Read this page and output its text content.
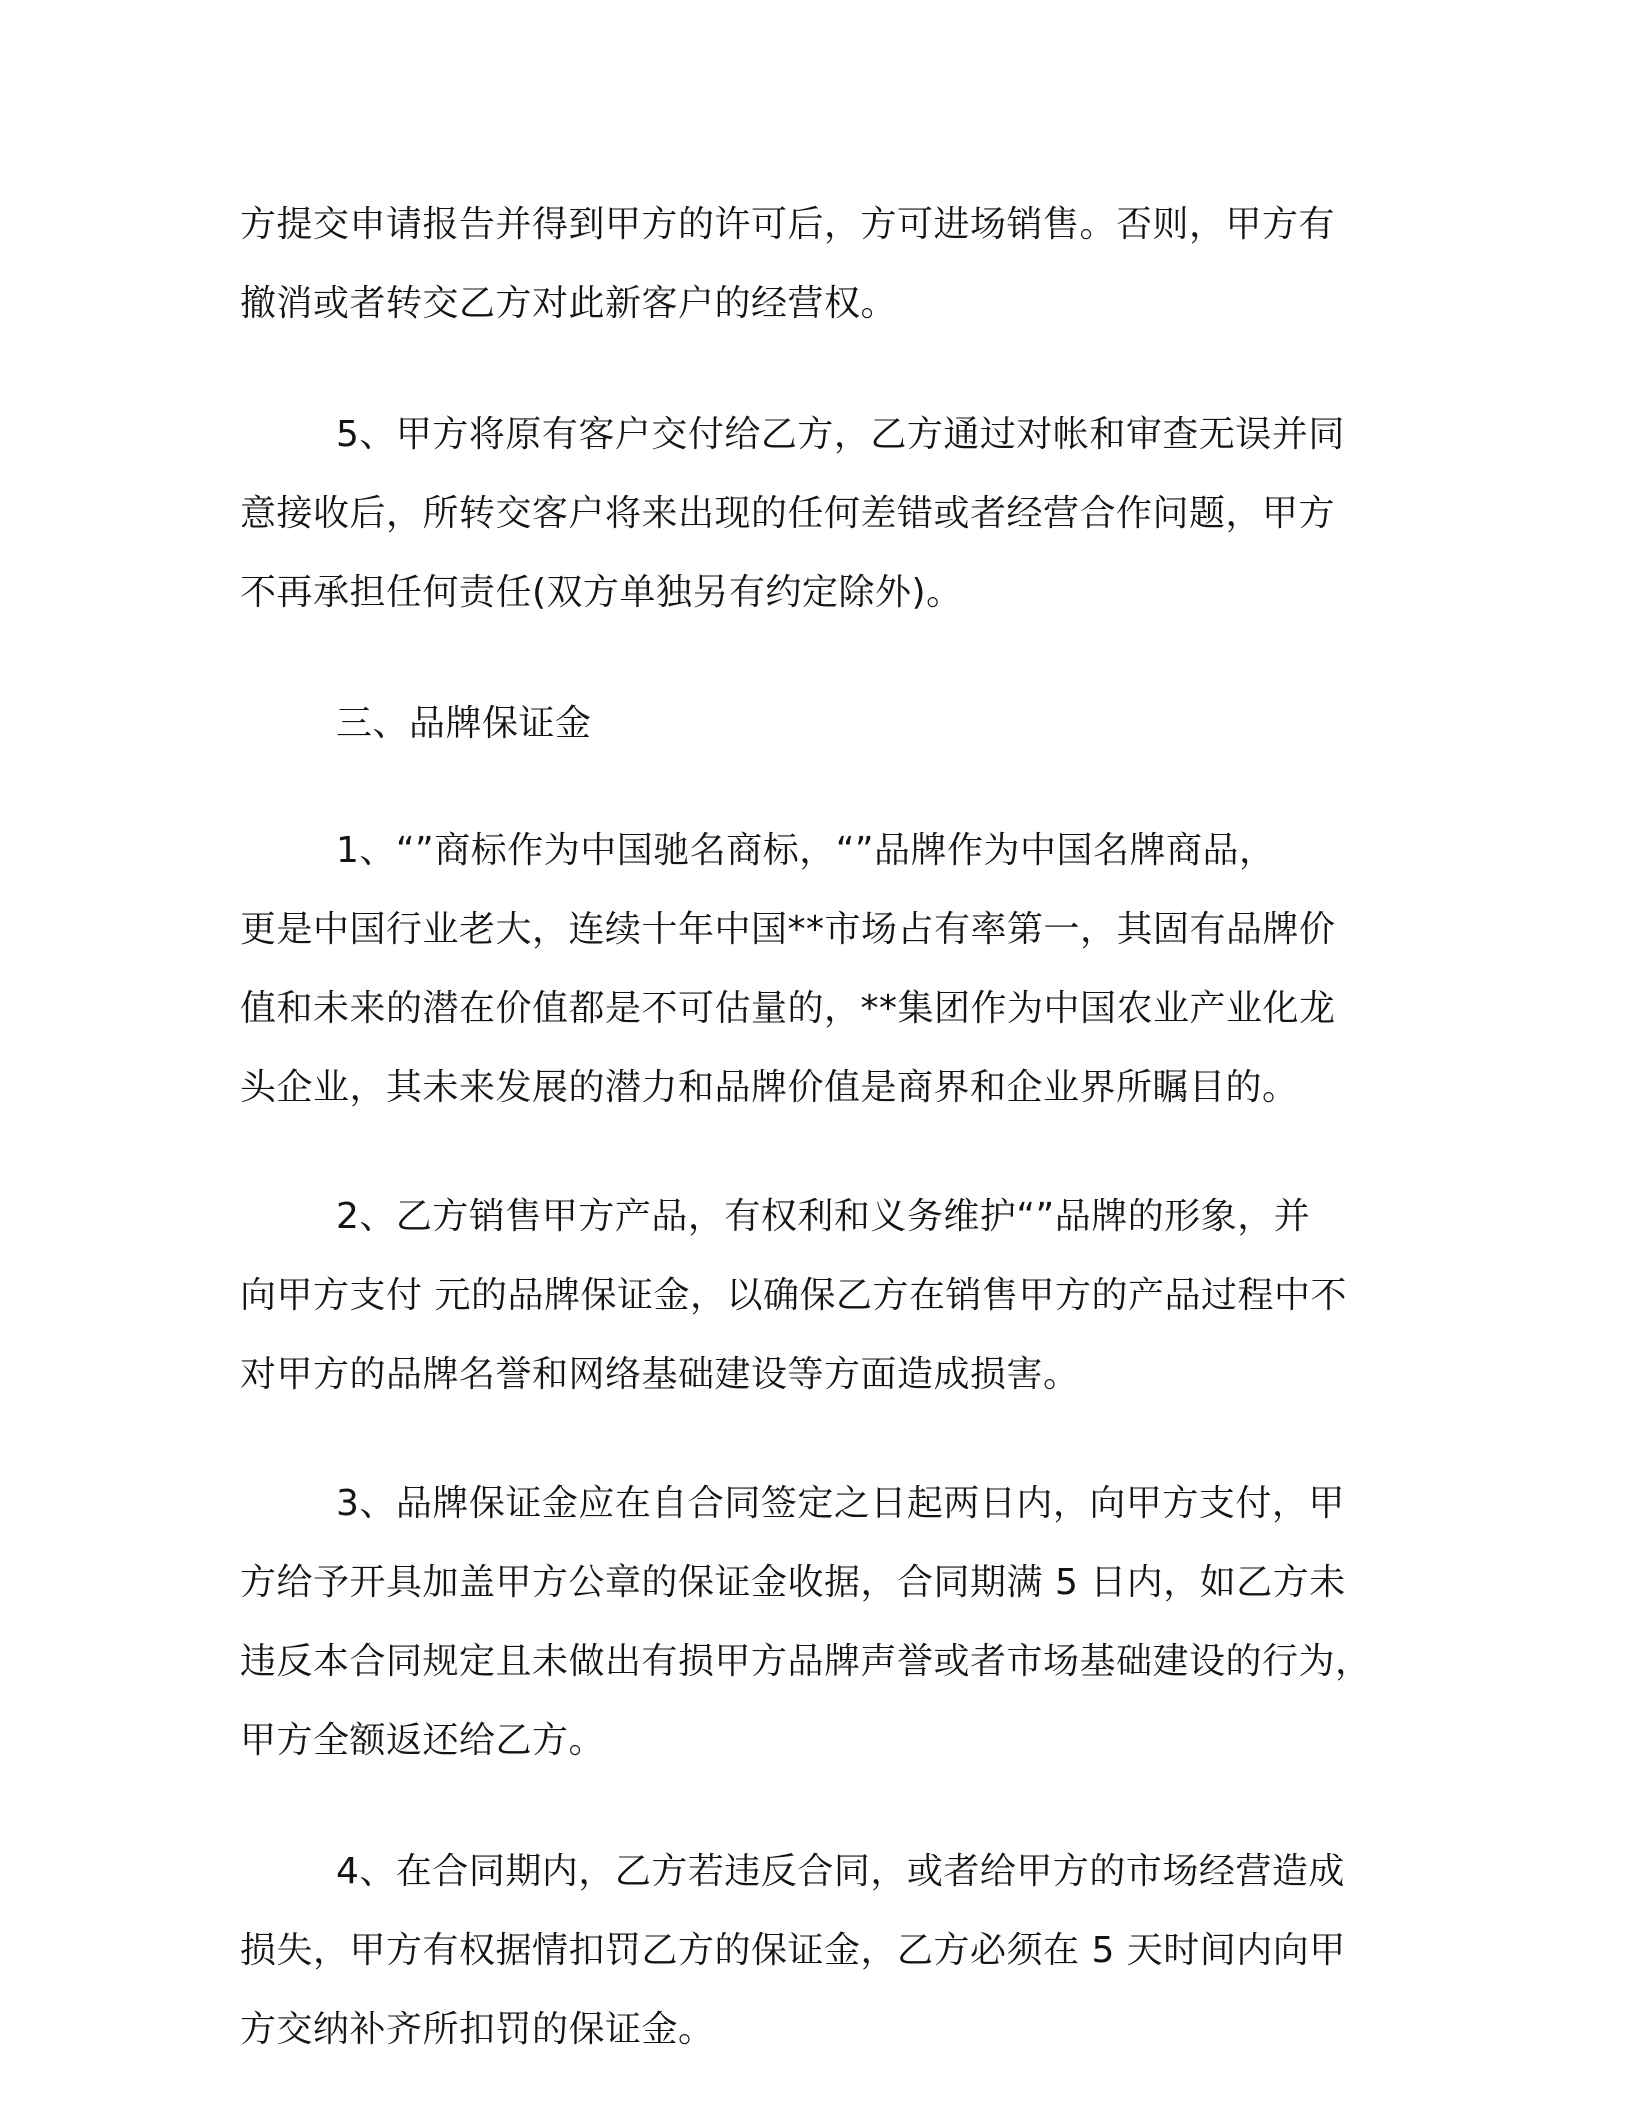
方提交申请报告并得到甲方的许可后，方可进场销售。否则，甲方有
撤消或者转交乙方对此新客户的经营权。

5、甲方将原有客户交付给乙方，乙方通过对帐和审查无误并同
意接收后，所转交客户将来出现的任何差错或者经营合作问题，甲方
不再承担任何责任(双方单独另有约定除外)。

三、品牌保证金

1、“”商标作为中国驰名商标，“”品牌作为中国名牌商品，
更是中国行业老大，连续十年中国**市场占有率第一，其固有品牌价
值和未来的潜在价值都是不可估量的，**集团作为中国农业产业化龙
头企业，其未来发展的潜力和品牌价值是商界和企业界所瞩目的。

2、乙方销售甲方产品，有权利和义务维护“”品牌的形象，并
向甲方支付 元的品牌保证金，以确保乙方在销售甲方的产品过程中不
对甲方的品牌名誉和网络基础建设等方面造成损害。

3、品牌保证金应在自合同签定之日起两日内，向甲方支付，甲
方给予开具加盖甲方公章的保证金收据，合同期满 5 日内，如乙方未
违反本合同规定且未做出有损甲方品牌声誉或者市场基础建设的行为，
甲方全额返还给乙方。

4、在合同期内，乙方若违反合同，或者给甲方的市场经营造成
损失，甲方有权据情扣罚乙方的保证金，乙方必须在 5 天时间内向甲
方交纳补齐所扣罚的保证金。
